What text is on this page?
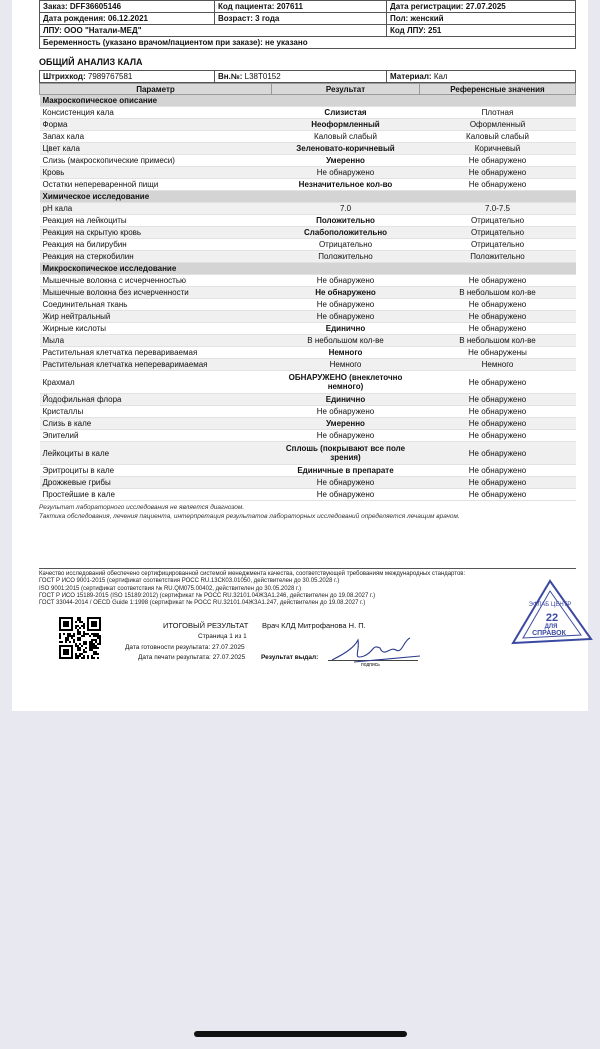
Заказ: DFF36605146	Код пациента: 207611	Дата регистрации: 27.07.2025
Дата рождения: 06.12.2021	Возраст: 3 года	Пол: женский
ЛПУ: ООО "Натали-МЕД"		Код ЛПУ: 251
Беременность (указано врачом/пациентом при заказе): не указано		
ОБЩИЙ АНАЛИЗ КАЛА
Штрихкод: 7989767581	Вн.№: L38T0152	Материал: Кал
Параметр	Результат	Референсные значения
Макроскопическое описание		
Консистенция кала	Слизистая	Плотная
Форма	Неоформленный	Оформленный
Запах кала	Каловый слабый	Каловый слабый
Цвет кала	Зеленовато-коричневый	Коричневый
Слизь (макроскопические примеси)	Умеренно	Не обнаружено
Кровь	Не обнаружено	Не обнаружено
Остатки непереваренной пищи	Незначительное кол-во	Не обнаружено
Химическое исследование		
pH кала	7.0	7.0-7.5
Реакция на лейкоциты	Положительно	Отрицательно
Реакция на скрытую кровь	Слабоположительно	Отрицательно
Реакция на билирубин	Отрицательно	Отрицательно
Реакция на стеркобилин	Положительно	Положительно
Микроскопическое исследование		
Мышечные волокна с исчерченностью	Не обнаружено	Не обнаружено
Мышечные волокна без исчерченности	Не обнаружено	В небольшом кол-ве
Соединительная ткань	Не обнаружено	Не обнаружено
Жир нейтральный	Не обнаружено	Не обнаружено
Жирные кислоты	Единично	Не обнаружено
Мыла	В небольшом кол-ве	В небольшом кол-ве
Растительная клетчатка перевариваемая	Немного	Не обнаружены
Растительная клетчатка непереваримаемая	Немного	Немного
Крахмал	ОБНАРУЖЕНО (внеклеточно немного)	Не обнаружено
Йодофильная флора	Единично	Не обнаружено
Кристаллы	Не обнаружено	Не обнаружено
Слизь в кале	Умеренно	Не обнаружено
Эпителий	Не обнаружено	Не обнаружено
Лейкоциты в кале	Сплошь (покрывают все поле зрения)	Не обнаружено
Эритроциты в кале	Единичные в препарате	Не обнаружено
Дрожжевые грибы	Не обнаружено	Не обнаружено
Простейшие в кале	Не обнаружено	Не обнаружено
Результат лабораторного исследования не является диагнозом.
Тактика обследования, лечения пациента, интерпретация результатов лабораторных исследований определяется лечащим врачом.
Качество исследований обеспечено сертифицированной системой менеджмента качества, соответствующей требованиям международных стандартов:
ГОСТ Р ИСО 9001-2015 (сертификат соответствия РОСС RU.13СК03.01050, действителен до 30.05.2028 г.)
ISO 9001:2015 (сертификат соответствия № RU.QM075.00402, действителен до 30.05.2028 г.)
ГОСТ Р ИСО 15189-2015 (ISO 15189:2012) (сертификат № РОСС RU.32101.04ЖЗА1.246, действителен до 19.08.2027 г.)
ГОСТ 33044-2014 / OECD Guide 1:1998 (сертификат № РОСС RU.32101.04ЖЗА1.247, действителен до 19.08.2027 г.)
ИТОГОВЫЙ РЕЗУЛЬТАТ Врач КЛД Митрофанова Н. П.
Страница 1 из 1
Дата готовности результата: 27.07.2025
Дата печати результата: 27.07.2025 Результат выдал:
подпись
ЭФЛАБ ЦЕНТР
22
ДЛЯ
СПРАВОК
